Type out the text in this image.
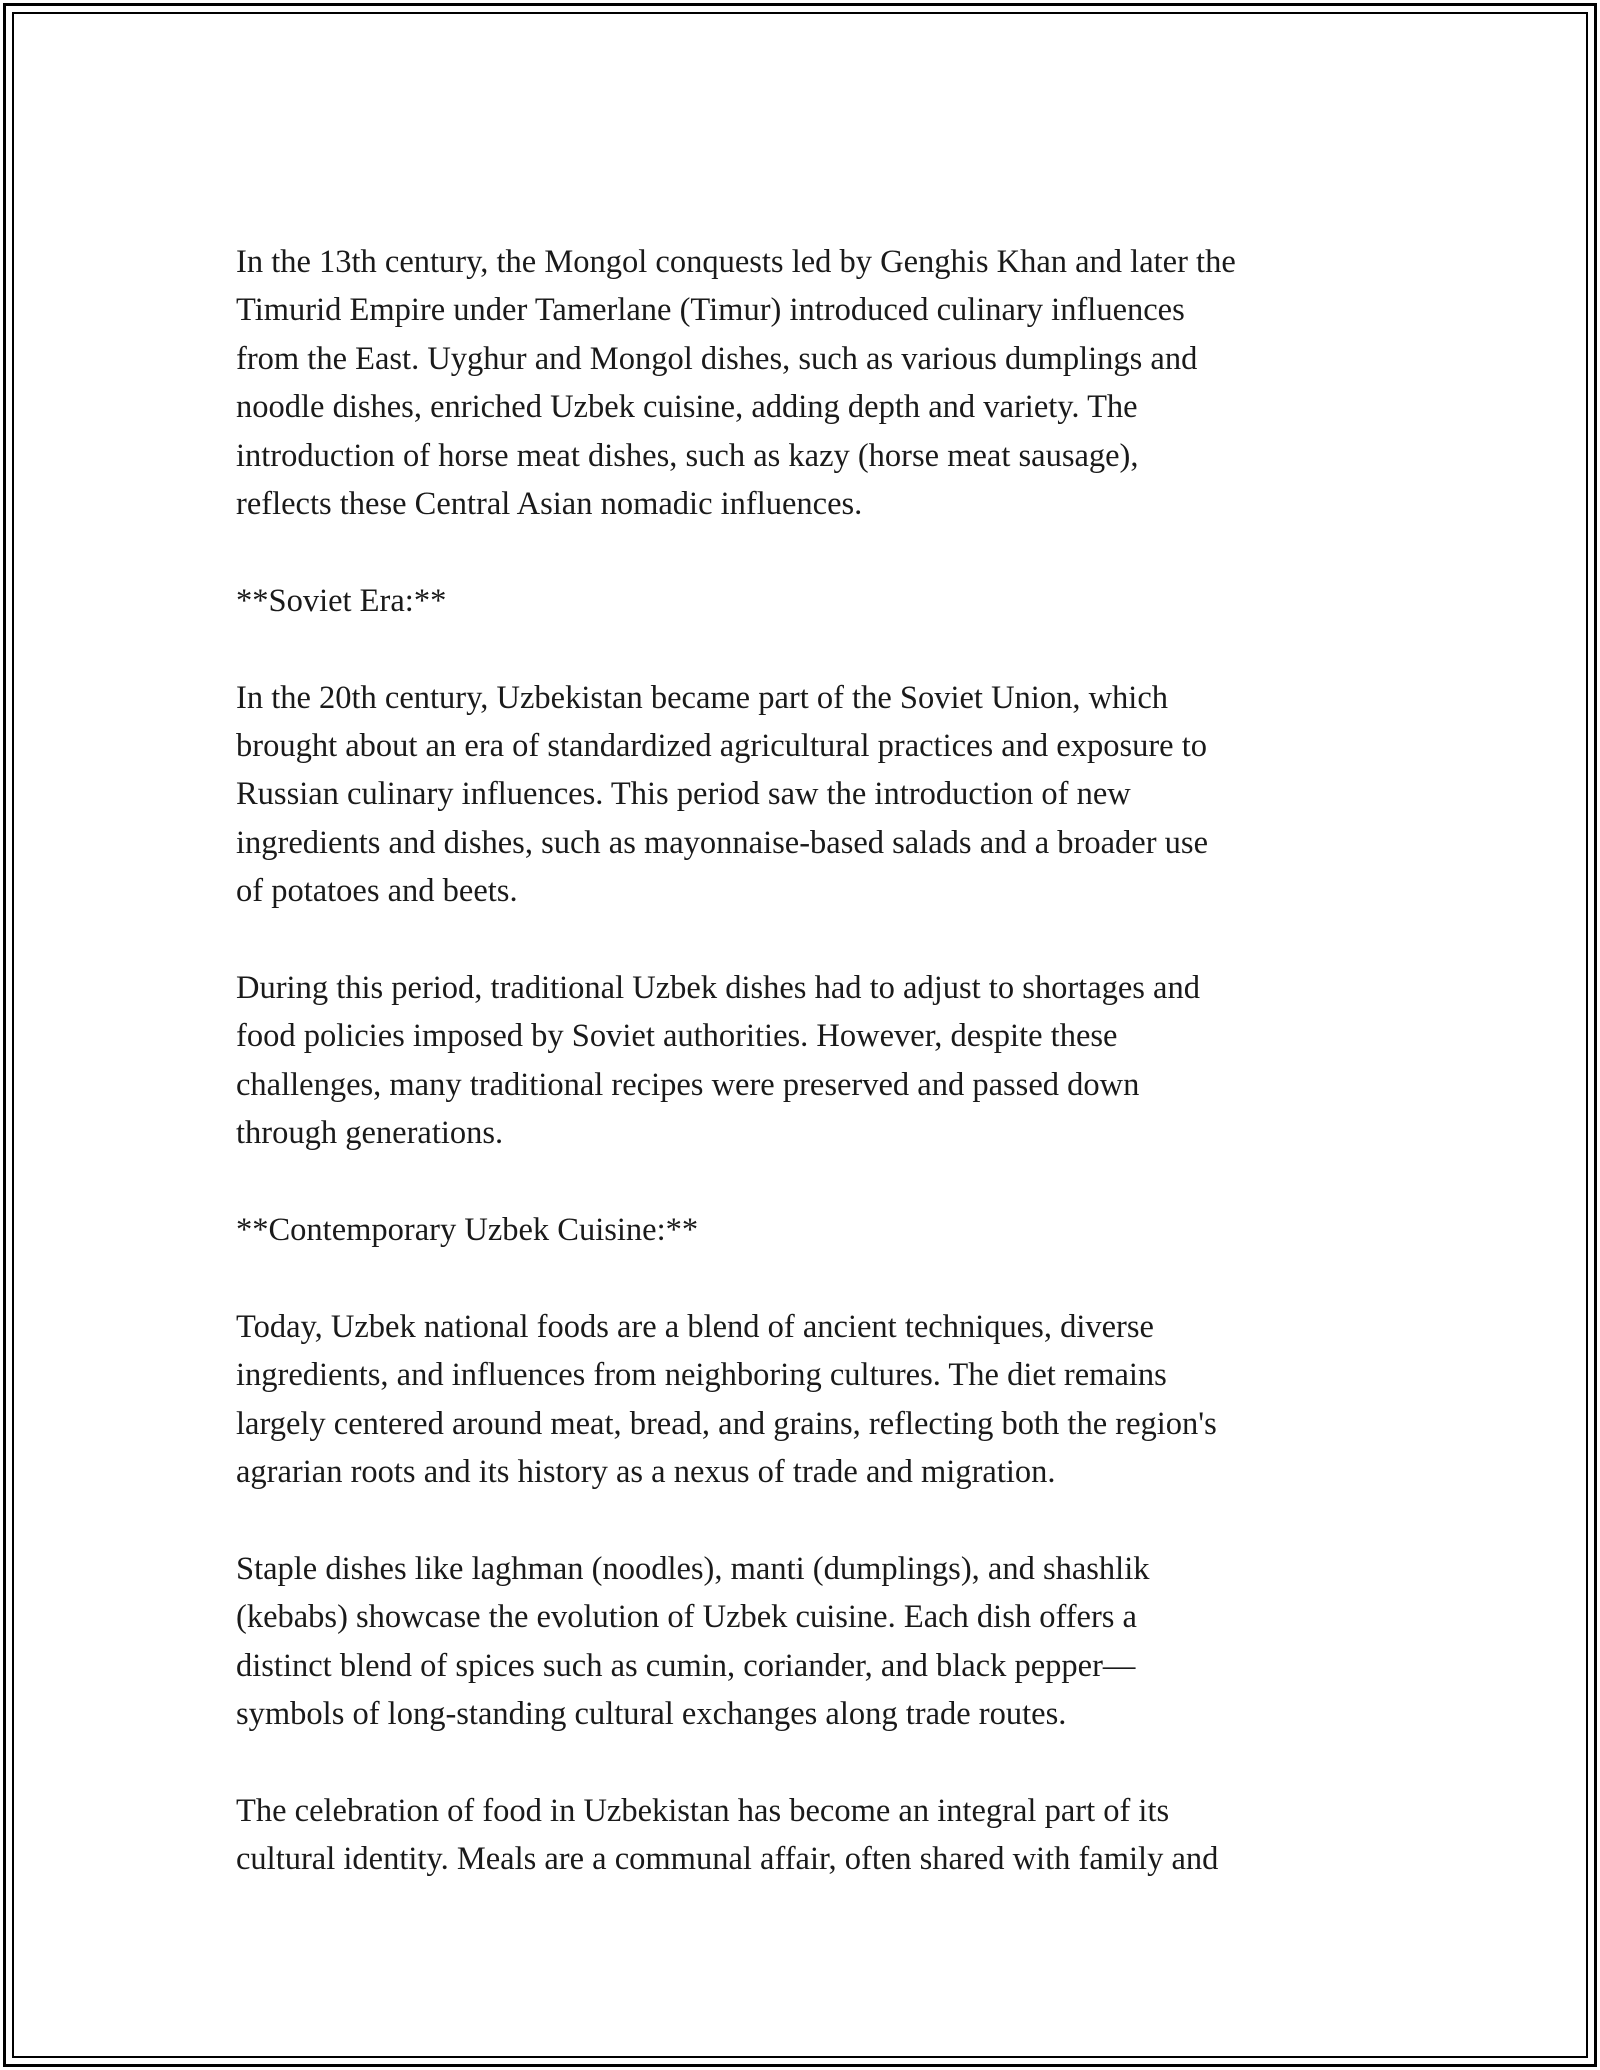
In the 13th century, the Mongol conquests led by Genghis Khan and later the
Timurid Empire under Tamerlane (Timur) introduced culinary influences
from the East. Uyghur and Mongol dishes, such as various dumplings and
noodle dishes, enriched Uzbek cuisine, adding depth and variety. The
introduction of horse meat dishes, such as kazy (horse meat sausage),
reflects these Central Asian nomadic influences.
**Soviet Era:**
In the 20th century, Uzbekistan became part of the Soviet Union, which
brought about an era of standardized agricultural practices and exposure to
Russian culinary influences. This period saw the introduction of new
ingredients and dishes, such as mayonnaise-based salads and a broader use
of potatoes and beets.
During this period, traditional Uzbek dishes had to adjust to shortages and
food policies imposed by Soviet authorities. However, despite these
challenges, many traditional recipes were preserved and passed down
through generations.
**Contemporary Uzbek Cuisine:**
Today, Uzbek national foods are a blend of ancient techniques, diverse
ingredients, and influences from neighboring cultures. The diet remains
largely centered around meat, bread, and grains, reflecting both the region's
agrarian roots and its history as a nexus of trade and migration.
Staple dishes like laghman (noodles), manti (dumplings), and shashlik
(kebabs) showcase the evolution of Uzbek cuisine. Each dish offers a
distinct blend of spices such as cumin, coriander, and black pepper—
symbols of long-standing cultural exchanges along trade routes.
The celebration of food in Uzbekistan has become an integral part of its
cultural identity. Meals are a communal affair, often shared with family and
